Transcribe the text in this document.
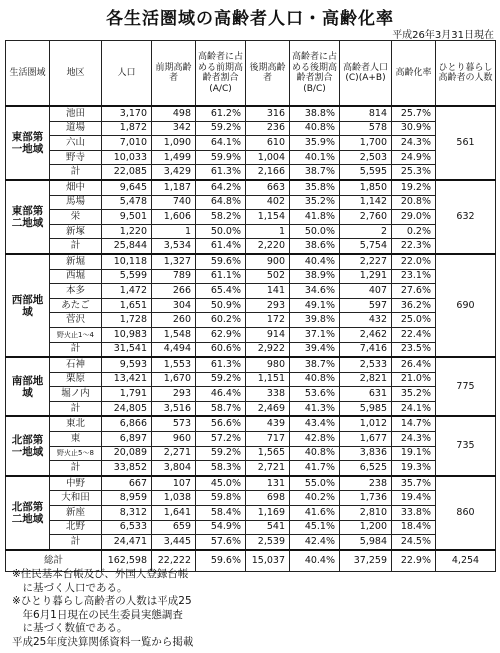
各生活圏域の高齢者人口・高齢化率
平成26年3月31日現在
生活圏域	地区	人口	前期高齢者	高齢者に占める前期高齢者割合
(A/C)	後期高齢者	高齢者に占める後期高齢者割合
(B/C)	高齢者人口
(C)(A+B)	高齢化率	ひとり暮らし高齢者の人数
東部第一地域	池田	3,170	498	61.2%	316	38.8%	814	25.7%	561
	道場	1,872	342	59.2%	236	40.8%	578	30.9%	
	六山	7,010	1,090	64.1%	610	35.9%	1,700	24.3%	
	野寺	10,033	1,499	59.9%	1,004	40.1%	2,503	24.9%	
	計	22,085	3,429	61.3%	2,166	38.7%	5,595	25.3%	
東部第二地域	畑中	9,645	1,187	64.2%	663	35.8%	1,850	19.2%	632
	馬場	5,478	740	64.8%	402	35.2%	1,142	20.8%	
	栄	9,501	1,606	58.2%	1,154	41.8%	2,760	29.0%	
	新塚	1,220	1	50.0%	1	50.0%	2	0.2%	
	計	25,844	3,534	61.4%	2,220	38.6%	5,754	22.3%	
西部地域	新堀	10,118	1,327	59.6%	900	40.4%	2,227	22.0%	690
	西堀	5,599	789	61.1%	502	38.9%	1,291	23.1%	
	本多	1,472	266	65.4%	141	34.6%	407	27.6%	
	あたご	1,651	304	50.9%	293	49.1%	597	36.2%	
	菅沢	1,728	260	60.2%	172	39.8%	432	25.0%	
	野火止1～4	10,983	1,548	62.9%	914	37.1%	2,462	22.4%	
	計	31,541	4,494	60.6%	2,922	39.4%	7,416	23.5%	
南部地域	石神	9,593	1,553	61.3%	980	38.7%	2,533	26.4%	775
	栗原	13,421	1,670	59.2%	1,151	40.8%	2,821	21.0%	
	堀ノ内	1,791	293	46.4%	338	53.6%	631	35.2%	
	計	24,805	3,516	58.7%	2,469	41.3%	5,985	24.1%	
北部第一地域	東北	6,866	573	56.6%	439	43.4%	1,012	14.7%	735
	東	6,897	960	57.2%	717	42.8%	1,677	24.3%	
	野火止5～8	20,089	2,271	59.2%	1,565	40.8%	3,836	19.1%	
	計	33,852	3,804	58.3%	2,721	41.7%	6,525	19.3%	
北部第二地域	中野	667	107	45.0%	131	55.0%	238	35.7%	860
	大和田	8,959	1,038	59.8%	698	40.2%	1,736	19.4%	
	新座	8,312	1,641	58.4%	1,169	41.6%	2,810	33.8%	
	北野	6,533	659	54.9%	541	45.1%	1,200	18.4%	
	計	24,471	3,445	57.6%	2,539	42.4%	5,984	24.5%	
総計		162,598	22,222	59.6%	15,037	40.4%	37,259	22.9%	4,254
※住民基本台帳及び、外国人登録台帳
　に基づく人口である。
※ひとり暮らし高齢者の人数は平成25
　年6月1日現在の民生委員実態調査
　に基づく数値である。
平成25年度決算関係資料一覧から掲載
